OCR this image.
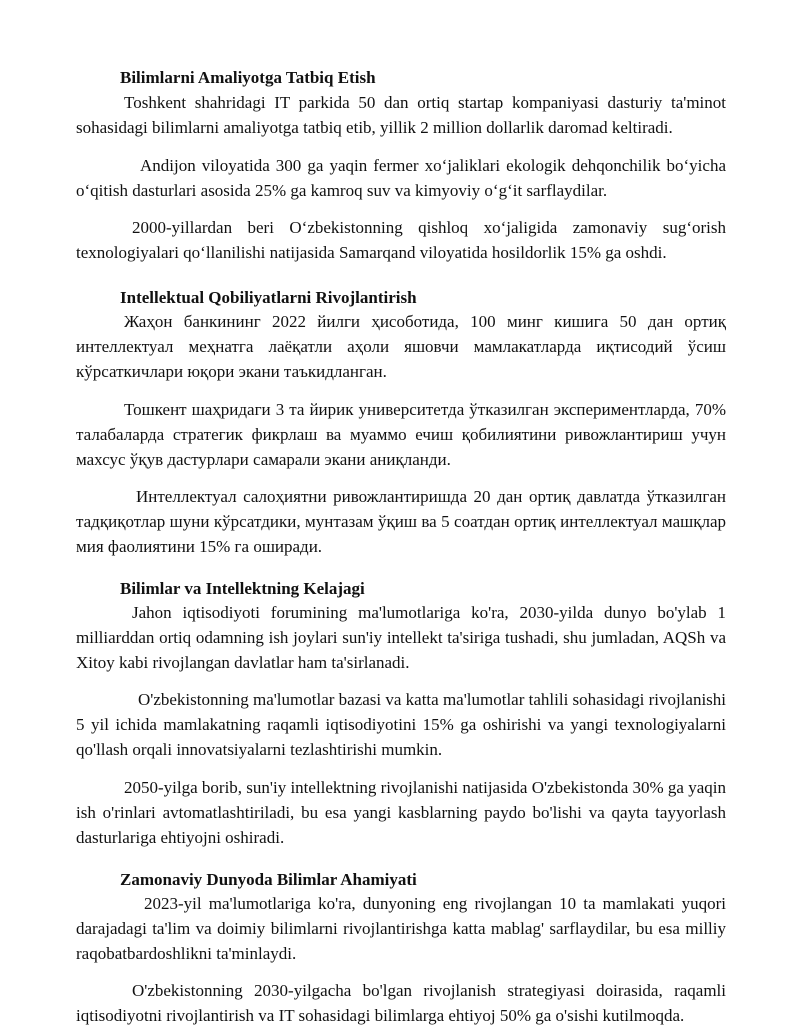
Bilimlarni Amaliyotga Tatbiq Etish

Toshkent shahridagi IT parkida 50 dan ortiq startap kompaniyasi dasturiy ta'minot sohasidagi bilimlarni amaliyotga tatbiq etib, yillik 2 million dollarlik daromad keltiradi.

Andijon viloyatida 300 ga yaqin fermer xo‘jaliklari ekologik dehqonchilik bo‘yicha o‘qitish dasturlari asosida 25% ga kamroq suv va kimyoviy o‘g‘it sarflaydilar.

2000-yillardan beri O‘zbekistonning qishloq xo‘jaligida zamonaviy sug‘orish texnologiyalari qo‘llanilishi natijasida Samarqand viloyatida hosildorlik 15% ga oshdi.

Intellektual Qobiliyatlarni Rivojlantirish

Жаҳон банкининг 2022 йилги ҳисоботида, 100 минг кишига 50 дан ортиқ интеллектуал меҳнатга лаёқатли аҳоли яшовчи мамлакатларда иқтисодий ўсиш кўрсаткичлари юқори экани таъкидланган.

Тошкент шаҳридаги 3 та йирик университетда ўтказилган экспериментларда, 70% талабаларда стратегик фикрлаш ва муаммо ечиш қобилиятини ривожлантириш учун махсус ўқув дастурлари самарали экани аниқланди.

Интеллектуал салоҳиятни ривожлантиришда 20 дан ортиқ давлатда ўтказилган тадқиқотлар шуни кўрсатдики, мунтазам ўқиш ва 5 соатдан ортиқ интеллектуал машқлар мия фаолиятини 15% га оширади.

Bilimlar va Intellektning Kelajagi

Jahon iqtisodiyoti forumining ma'lumotlariga ko'ra, 2030-yilda dunyo bo'ylab 1 milliarddan ortiq odamning ish joylari sun'iy intellekt ta'siriga tushadi, shu jumladan, AQSh va Xitoy kabi rivojlangan davlatlar ham ta'sirlanadi.

O'zbekistonning ma'lumotlar bazasi va katta ma'lumotlar tahlili sohasidagi rivojlanishi 5 yil ichida mamlakatning raqamli iqtisodiyotini 15% ga oshirishi va yangi texnologiyalarni qo'llash orqali innovatsiyalarni tezlashtirishi mumkin.

2050-yilga borib, sun'iy intellektning rivojlanishi natijasida O'zbekistonda 30% ga yaqin ish o'rinlari avtomatlashtiriladi, bu esa yangi kasblarning paydo bo'lishi va qayta tayyorlash dasturlariga ehtiyojni oshiradi.

Zamonaviy Dunyoda Bilimlar Ahamiyati

2023-yil ma'lumotlariga ko'ra, dunyoning eng rivojlangan 10 ta mamlakati yuqori darajadagi ta'lim va doimiy bilimlarni rivojlantirishga katta mablag' sarflaydilar, bu esa milliy raqobatbardoshlikni ta'minlaydi.

O'zbekistonning 2030-yilgacha bo'lgan rivojlanish strategiyasi doirasida, raqamli iqtisodiyotni rivojlantirish va IT sohasidagi bilimlarga ehtiyoj 50% ga o'sishi kutilmoqda.
